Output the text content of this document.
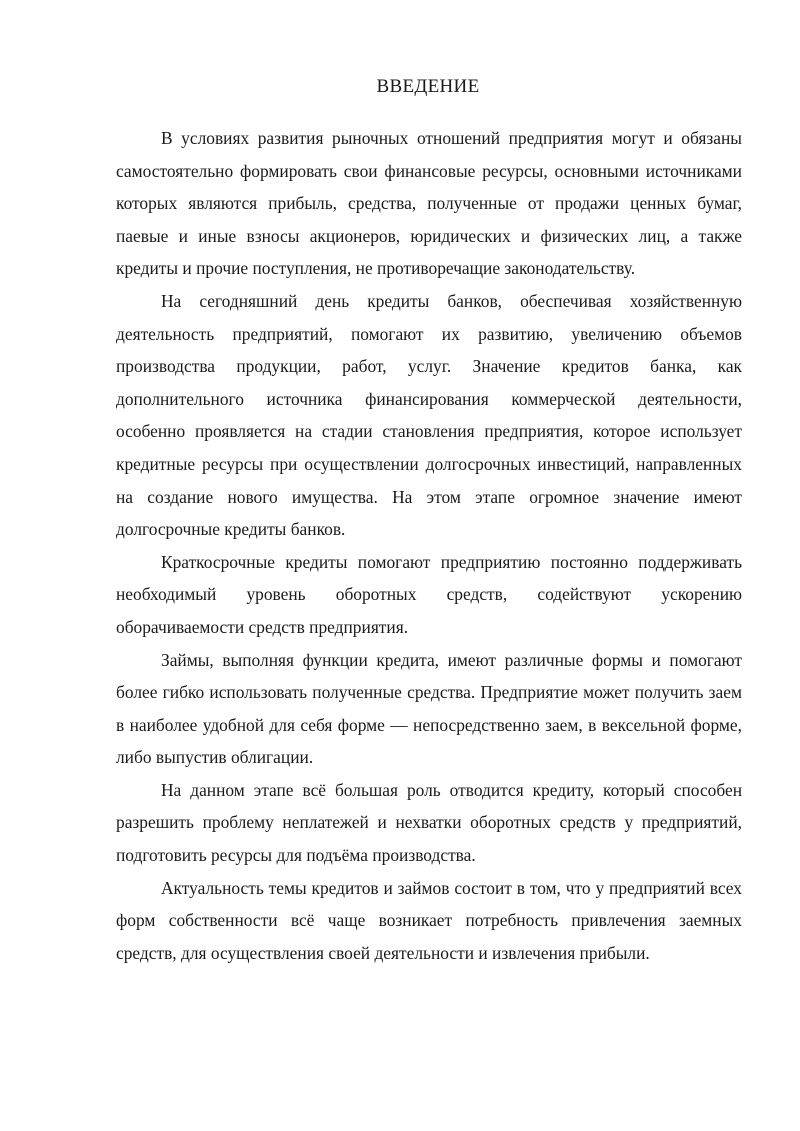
ВВЕДЕНИЕ

В условиях развития рыночных отношений предприятия могут и обязаны самостоятельно формировать свои финансовые ресурсы, основными источниками которых являются прибыль, средства, полученные от продажи ценных бумаг, паевые и иные взносы акционеров, юридических и физических лиц, а также кредиты и прочие поступления, не противоречащие законодательству.

На сегодняшний день кредиты банков, обеспечивая хозяйственную деятельность предприятий, помогают их развитию, увеличению объемов производства продукции, работ, услуг. Значение кредитов банка, как дополнительного источника финансирования коммерческой деятельности, особенно проявляется на стадии становления предприятия, которое использует кредитные ресурсы при осуществлении долгосрочных инвестиций, направленных на создание нового имущества. На этом этапе огромное значение имеют долгосрочные кредиты банков.

Краткосрочные кредиты помогают предприятию постоянно поддерживать необходимый уровень оборотных средств, содействуют ускорению оборачиваемости средств предприятия.

Займы, выполняя функции кредита, имеют различные формы и помогают более гибко использовать полученные средства. Предприятие может получить заем в наиболее удобной для себя форме — непосредственно заем, в вексельной форме, либо выпустив облигации.

На данном этапе всё большая роль отводится кредиту, который способен разрешить проблему неплатежей и нехватки оборотных средств у предприятий, подготовить ресурсы для подъёма производства.

Актуальность темы кредитов и займов состоит в том, что у предприятий всех форм собственности всё чаще возникает потребность привлечения заемных средств, для осуществления своей деятельности и извлечения прибыли.
